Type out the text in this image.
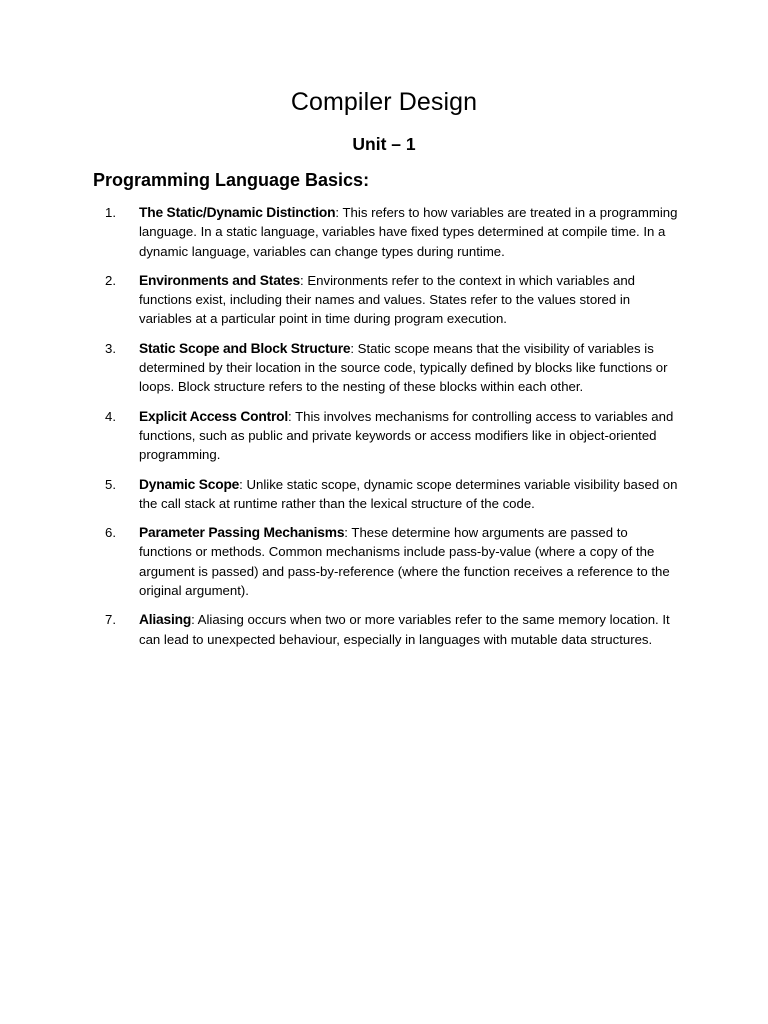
Compiler Design
Unit – 1
Programming Language Basics:
1.	The Static/Dynamic Distinction: This refers to how variables are treated in a programming language. In a static language, variables have fixed types determined at compile time. In a dynamic language, variables can change types during runtime.
2.	Environments and States: Environments refer to the context in which variables and functions exist, including their names and values. States refer to the values stored in variables at a particular point in time during program execution.
3.	Static Scope and Block Structure: Static scope means that the visibility of variables is determined by their location in the source code, typically defined by blocks like functions or loops. Block structure refers to the nesting of these blocks within each other.
4.	Explicit Access Control: This involves mechanisms for controlling access to variables and functions, such as public and private keywords or access modifiers like in object-oriented programming.
5.	Dynamic Scope: Unlike static scope, dynamic scope determines variable visibility based on the call stack at runtime rather than the lexical structure of the code.
6.	Parameter Passing Mechanisms: These determine how arguments are passed to functions or methods. Common mechanisms include pass-by-value (where a copy of the argument is passed) and pass-by-reference (where the function receives a reference to the original argument).
7.	Aliasing: Aliasing occurs when two or more variables refer to the same memory location. It can lead to unexpected behaviour, especially in languages with mutable data structures.
